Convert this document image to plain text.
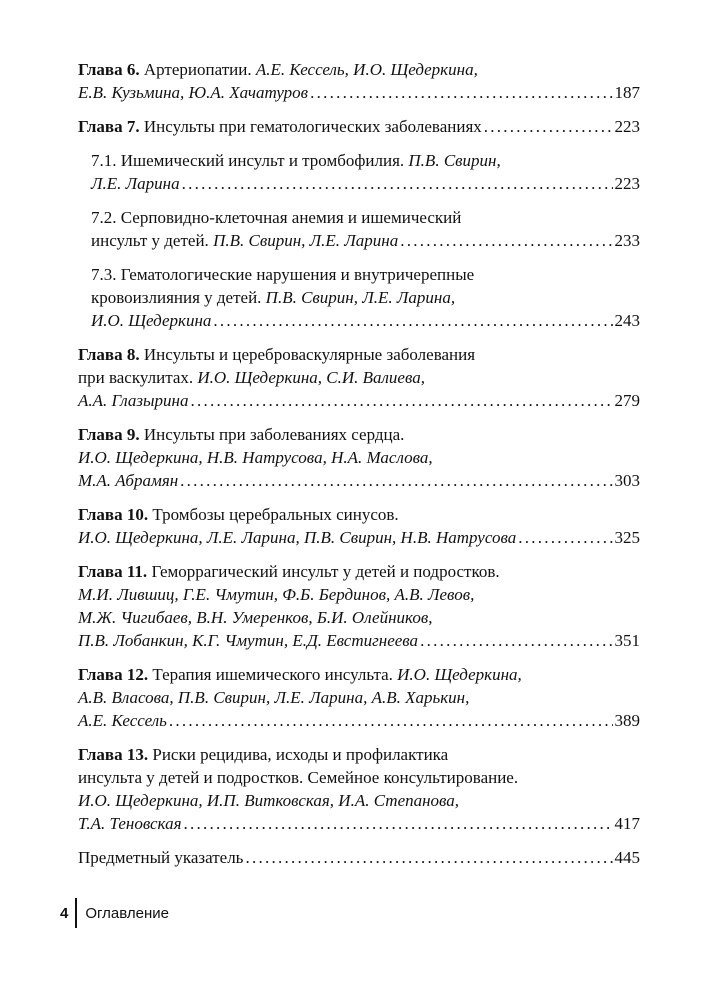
Глава 6. Артериопатии. А.Е. Кессель, И.О. Щедеркина,
Е.В. Кузьмина, Ю.А. Хачатуров . . .	187
Глава 7. Инсульты при гематологических заболеваниях . . .	223
7.1. Ишемический инсульт и тромбофилия. П.В. Свирин,
Л.Е. Ларина . . .	223
7.2. Серповидно-клеточная анемия и ишемический
инсульт у детей. П.В. Свирин, Л.Е. Ларина . . .	233
7.3. Гематологические нарушения и внутричерепные
кровоизлияния у детей. П.В. Свирин, Л.Е. Ларина,
И.О. Щедеркина . . .	243
Глава 8. Инсульты и цереброваскулярные заболевания
при васкулитах. И.О. Щедеркина, С.И. Валиева,
А.А. Глазырина . . .	279
Глава 9. Инсульты при заболеваниях сердца.
И.О. Щедеркина, Н.В. Натрусова, Н.А. Маслова,
М.А. Абрамян . . .	303
Глава 10. Тромбозы церебральных синусов.
И.О. Щедеркина, Л.Е. Ларина, П.В. Свирин, Н.В. Натрусова . . .	325
Глава 11. Геморрагический инсульт у детей и подростков.
М.И. Лившиц, Г.Е. Чмутин, Ф.Б. Бердинов, А.В. Левов,
М.Ж. Чигибаев, В.Н. Умеренков, Б.И. Олейников,
П.В. Лобанкин, К.Г. Чмутин, Е.Д. Евстигнеева . . .	351
Глава 12. Терапия ишемического инсульта. И.О. Щедеркина,
А.В. Власова, П.В. Свирин, Л.Е. Ларина, А.В. Харькин,
А.Е. Кессель . . .	389
Глава 13. Риски рецидива, исходы и профилактика
инсульта у детей и подростков. Семейное консультирование.
И.О. Щедеркина, И.П. Витковская, И.А. Степанова,
Т.А. Теновская . . .	417
Предметный указатель . . .	445
4 Оглавление
